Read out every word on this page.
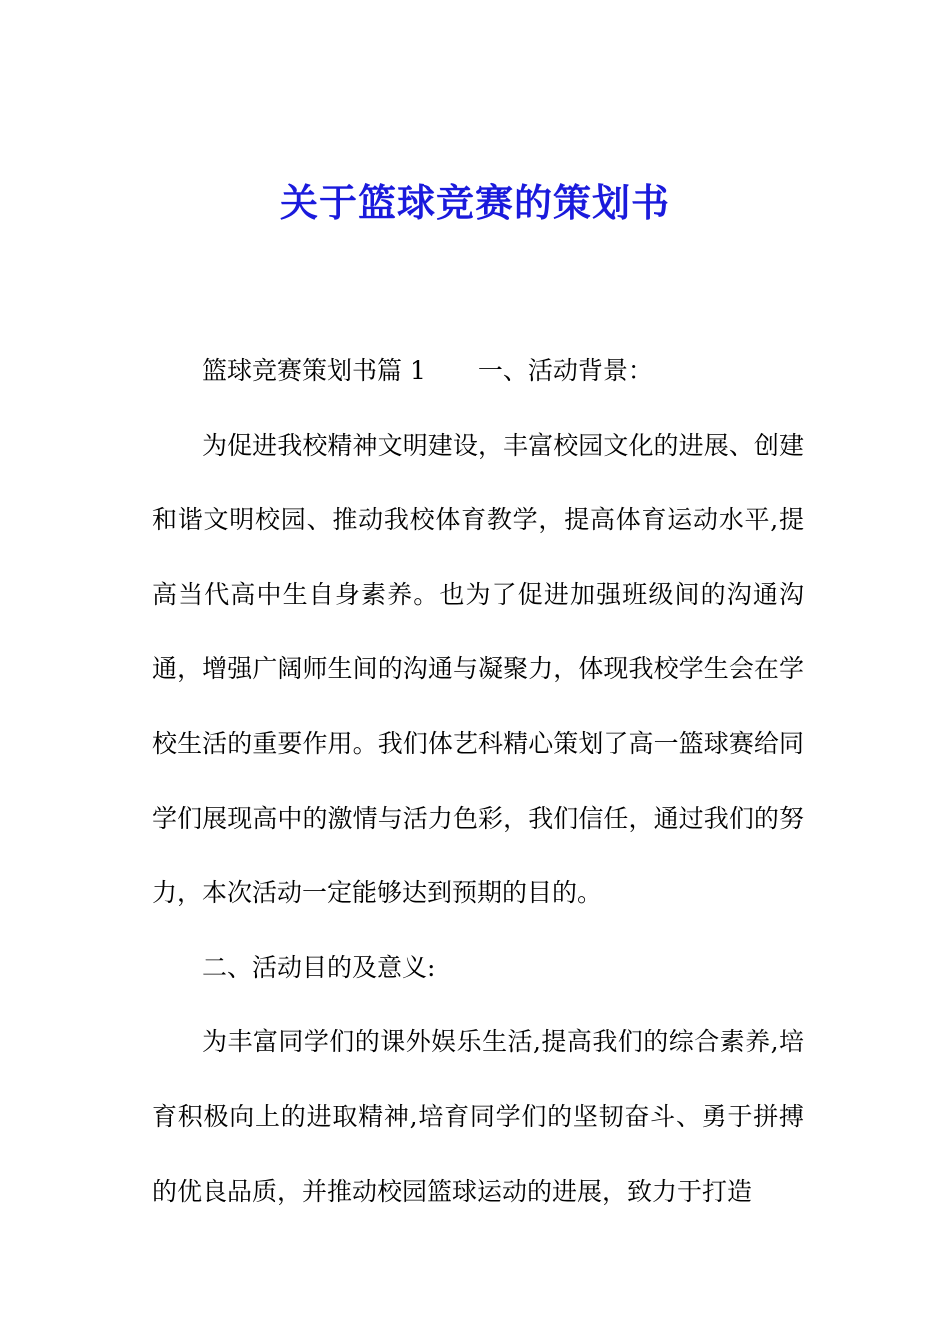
关于篮球竞赛的策划书

篮球竞赛策划书篇 1 一、活动背景：

为促进我校精神文明建设，丰富校园文化的进展、创建和谐文明校园、推动我校体育教学，提高体育运动水平,提高当代高中生自身素养。也为了促进加强班级间的沟通沟通，增强广阔师生间的沟通与凝聚力，体现我校学生会在学校生活的重要作用。我们体艺科精心策划了高一篮球赛给同学们展现高中的激情与活力色彩，我们信任，通过我们的努力，本次活动一定能够达到预期的目的。

二、活动目的及意义:

为丰富同学们的课外娱乐生活,提高我们的综合素养,培育积极向上的进取精神,培育同学们的坚韧奋斗、勇于拼搏的优良品质，并推动校园篮球运动的进展，致力于打造
